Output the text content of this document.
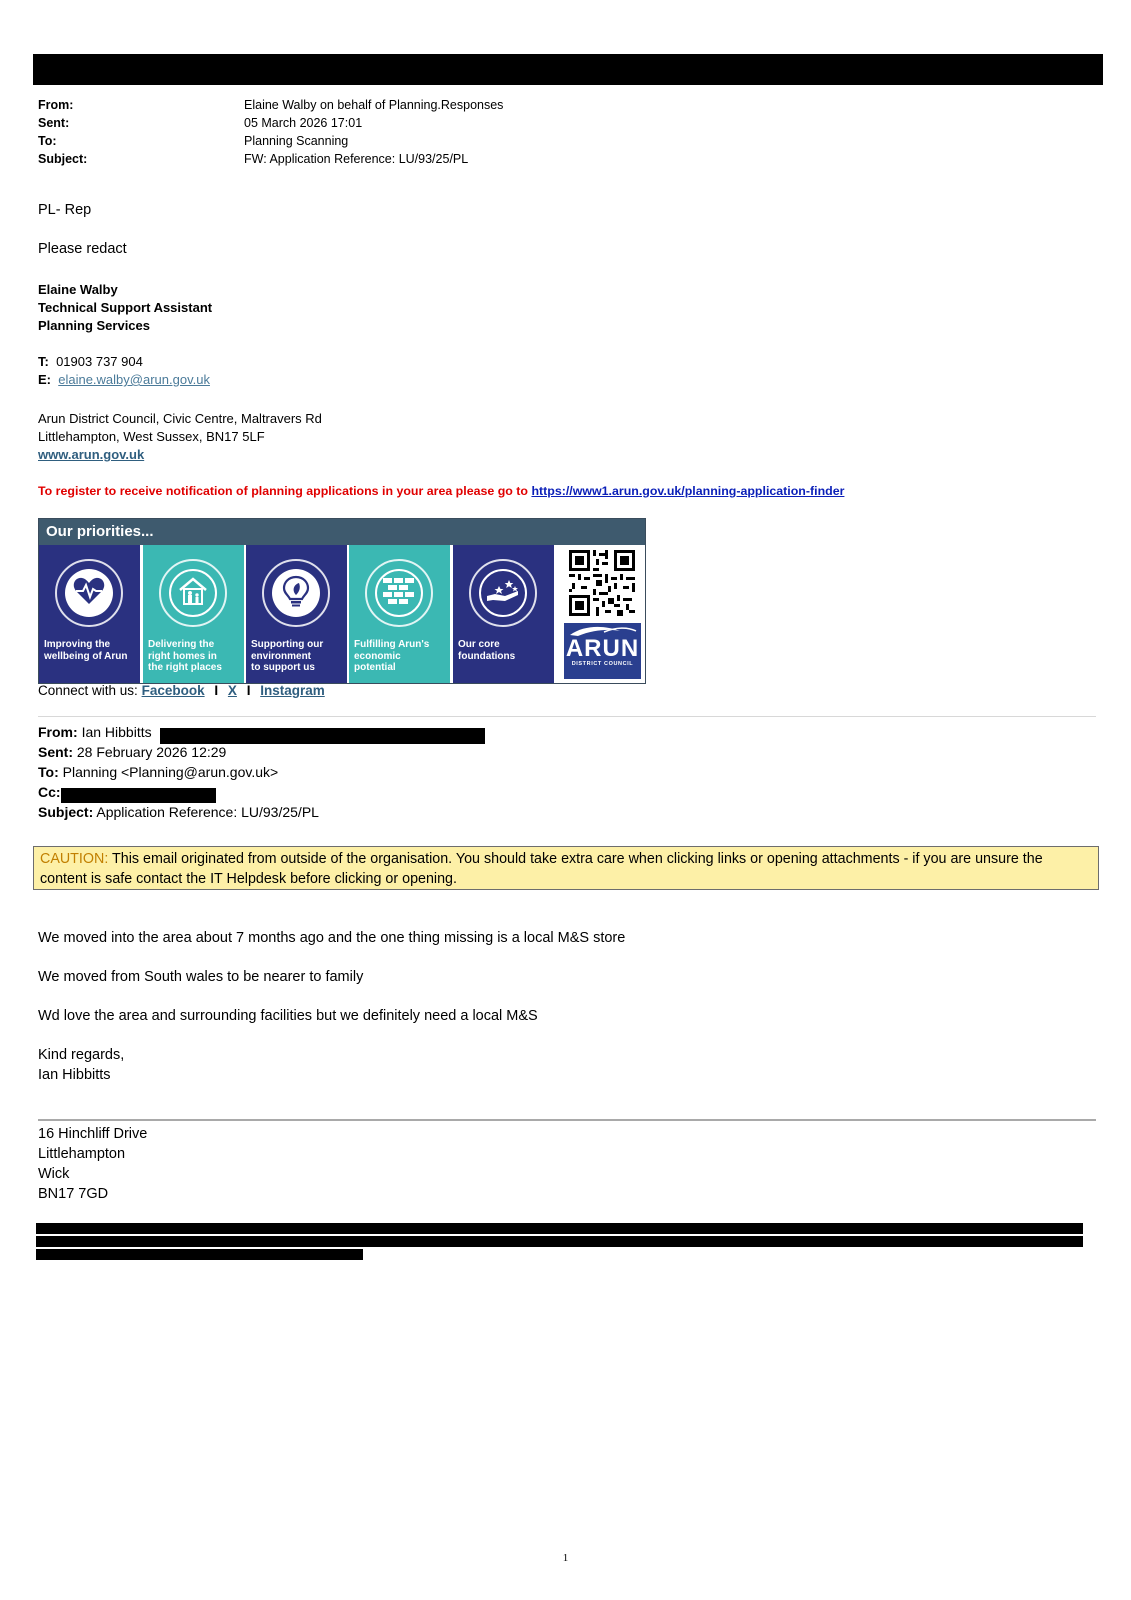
From:	Elaine Walby on behalf of Planning.Responses
Sent:	05 March 2026 17:01
To:	Planning Scanning
Subject:	FW: Application Reference: LU/93/25/PL
PL- Rep
Please redact
Elaine Walby
Technical Support Assistant
Planning Services
T: 01903 737 904
E: elaine.walby@arun.gov.uk
Arun District Council, Civic Centre, Maltravers Rd
Littlehampton, West Sussex, BN17 5LF
www.arun.gov.uk
To register to receive notification of planning applications in your area please go to https://www1.arun.gov.uk/planning-application-finder
Our priorities...
Improving the
wellbeing of Arun
Delivering the
right homes in
the right places
Supporting our
environment
to support us
Fulfilling Arun's
economic
potential
Our core
foundations	ARUN
DISTRICT COUNCIL
Connect with us: Facebook I X I Instagram
From: Ian Hibbitts
Sent: 28 February 2026 12:29
To: Planning <Planning@arun.gov.uk>
Cc:
Subject: Application Reference: LU/93/25/PL
CAUTION: This email originated from outside of the organisation. You should take extra care when clicking links or opening attachments - if you are unsure the content is safe contact the IT Helpdesk before clicking or opening.
We moved into the area about 7 months ago and the one thing missing is a local M&S store
We moved from South wales to be nearer to family
Wd love the area and surrounding facilities but we definitely need a local M&S
Kind regards,
Ian Hibbitts
16 Hinchliff Drive
Littlehampton
Wick
BN17 7GD
1
